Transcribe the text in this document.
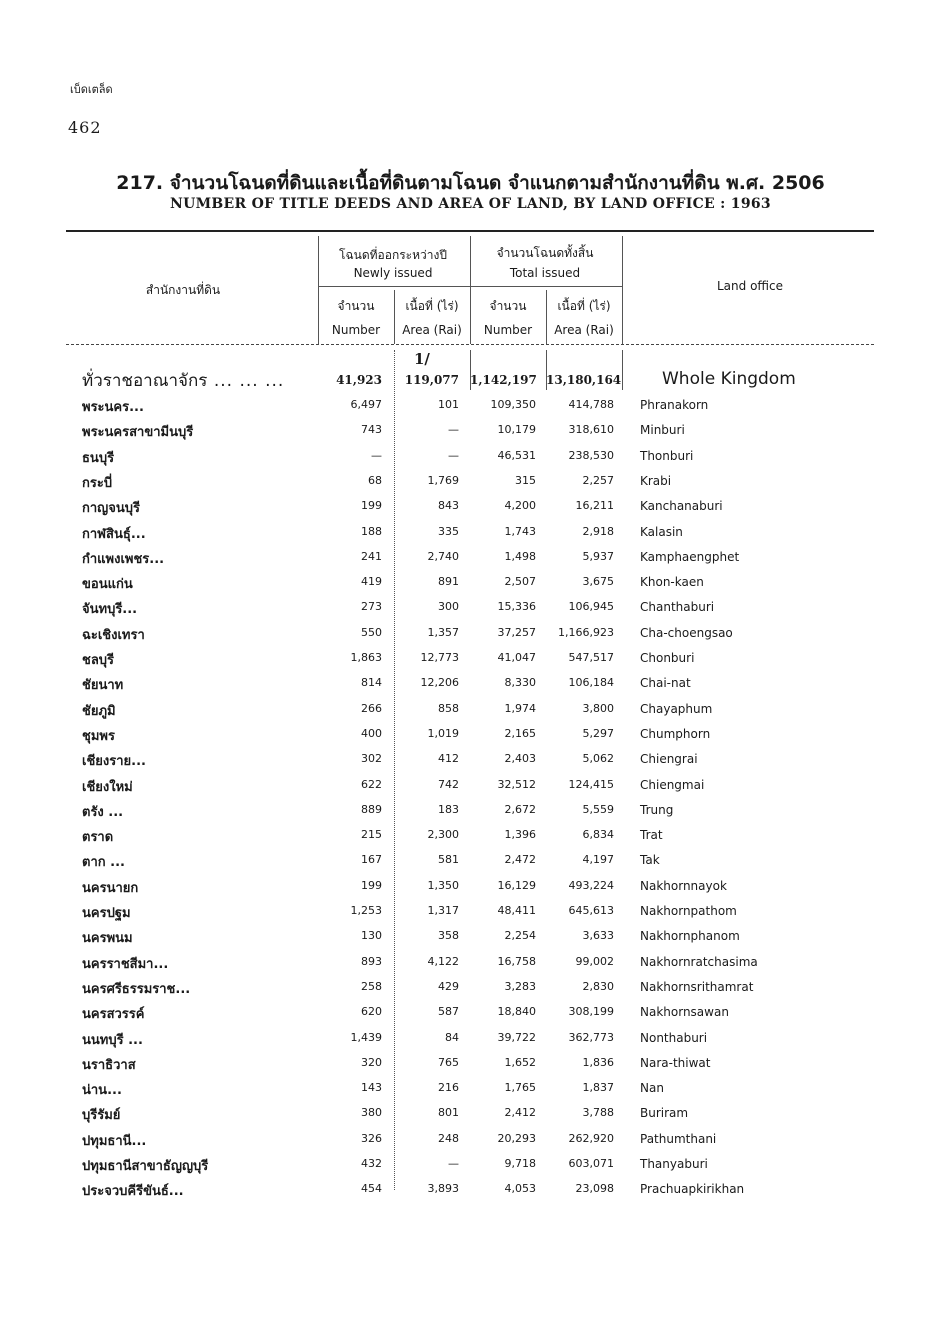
เบ็ดเตล็ด
462
217. จำนวนโฉนดที่ดินและเนื้อที่ดินตามโฉนด จำแนกตามสำนักงานที่ดิน พ.ศ. 2506
NUMBER OF TITLE DEEDS AND AREA OF LAND, BY LAND OFFICE : 1963
สำนักงานที่ดิน
โฉนดที่ออกระหว่างปี
Newly issued
จำนวนโฉนดทั้งสิ้น
Total issued
Land office
จำนวน
Number
เนื้อที่ (ไร่)
Area (Rai)
จำนวน
Number
เนื้อที่ (ไร่)
Area (Rai)
1/
ทั่วราชอาณาจักร ... ... ...	41,923	119,077 1,142,197 13,180,164 Whole Kingdom
พระนคร...	6,497	101	109,350	414,788 Phranakorn
พระนครสาขามีนบุรี	743	—	10,179	318,610 Minburi
ธนบุรี	—	—	46,531	238,530 Thonburi
กระบี่	68	1,769	315	2,257 Krabi
กาญจนบุรี	199	843	4,200	16,211 Kanchanaburi
กาฬสินธุ์...	188	335	1,743	2,918 Kalasin
กำแพงเพชร...	241	2,740	1,498	5,937 Kamphaengphet
ขอนแก่น	419	891	2,507	3,675 Khon-kaen
จันทบุรี...	273	300	15,336	106,945 Chanthaburi
ฉะเชิงเทรา	550	1,357	37,257	1,166,923 Cha-choengsao
ชลบุรี	1,863	12,773	41,047	547,517 Chonburi
ชัยนาท	814	12,206	8,330	106,184 Chai-nat
ชัยภูมิ	266	858	1,974	3,800 Chayaphum
ชุมพร	400	1,019	2,165	5,297 Chumphorn
เชียงราย...	302	412	2,403	5,062 Chiengrai
เชียงใหม่	622	742	32,512	124,415 Chiengmai
ตรัง ...	889	183	2,672	5,559 Trung
ตราด	215	2,300	1,396	6,834 Trat
ตาก ...	167	581	2,472	4,197 Tak
นครนายก	199	1,350	16,129	493,224 Nakhornnayok
นครปฐม	1,253	1,317	48,411	645,613 Nakhornpathom
นครพนม	130	358	2,254	3,633 Nakhornphanom
นครราชสีมา...	893	4,122	16,758	99,002 Nakhornratchasima
นครศรีธรรมราช...	258	429	3,283	2,830 Nakhornsrithamrat
นครสวรรค์	620	587	18,840	308,199 Nakhornsawan
นนทบุรี ...	1,439	84	39,722	362,773 Nonthaburi
นราธิวาส	320	765	1,652	1,836 Nara-thiwat
น่าน...	143	216	1,765	1,837 Nan
บุรีรัมย์	380	801	2,412	3,788 Buriram
ปทุมธานี...	326	248	20,293	262,920 Pathumthani
ปทุมธานีสาขาธัญญบุรี	432	—	9,718	603,071 Thanyaburi
ประจวบคีรีขันธ์...	454	3,893	4,053	23,098 Prachuapkirikhan
